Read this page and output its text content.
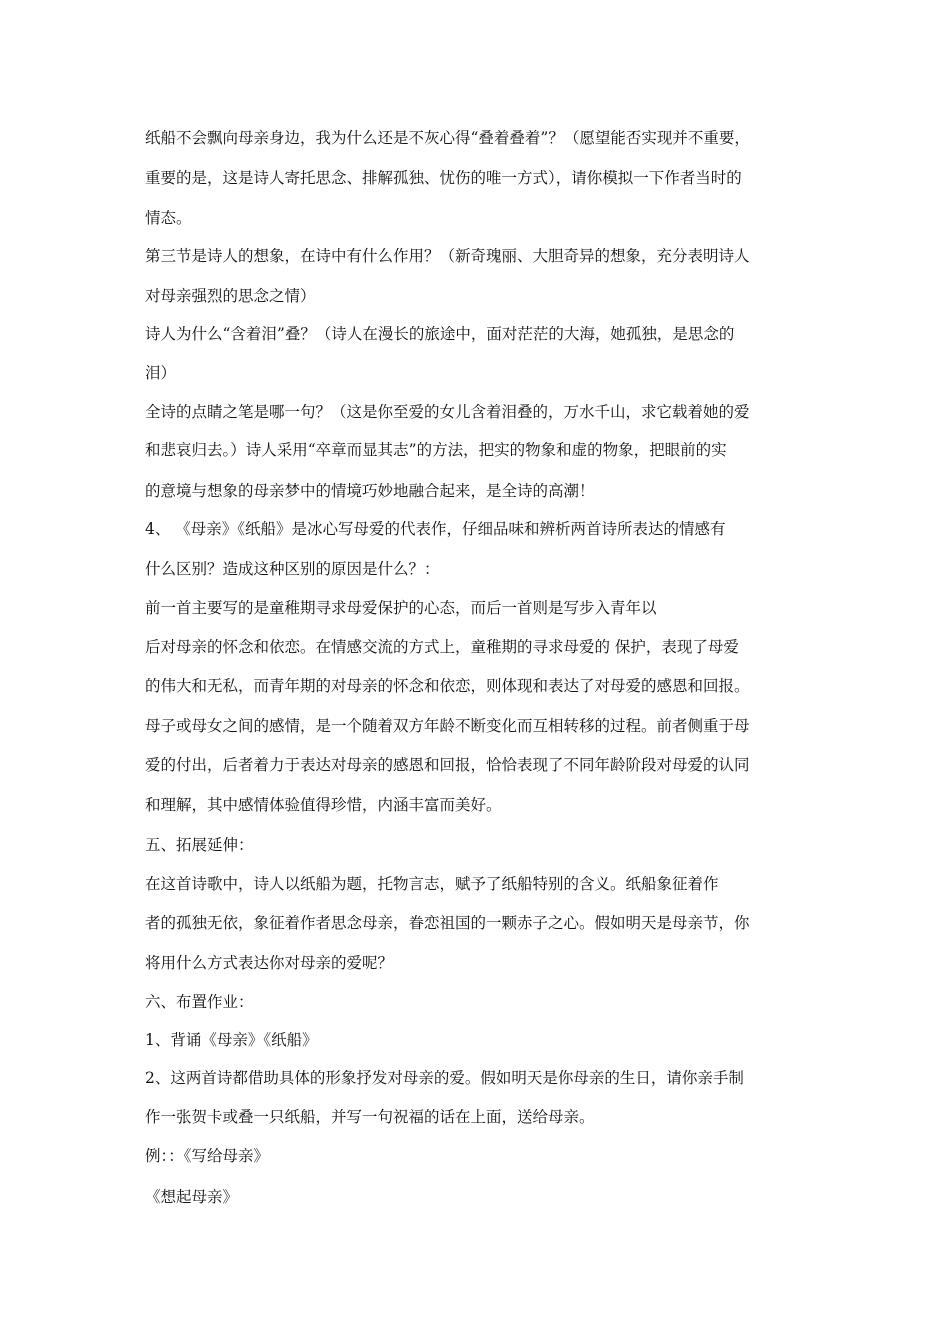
纸船不会飘向母亲身边，我为什么还是不灰心得“叠着叠着”？（愿望能否实现并不重要，
重要的是，这是诗人寄托思念、排解孤独、忧伤的唯一方式），请你模拟一下作者当时的
情态。
第三节是诗人的想象，在诗中有什么作用？（新奇瑰丽、大胆奇异的想象，充分表明诗人
对母亲强烈的思念之情）
诗人为什么“含着泪”叠？（诗人在漫长的旅途中，面对茫茫的大海，她孤独，是思念的
泪）
全诗的点睛之笔是哪一句？（这是你至爱的女儿含着泪叠的，万水千山，求它载着她的爱
和悲哀归去。）诗人采用“卒章而显其志”的方法，把实的物象和虚的物象，把眼前的实
的意境与想象的母亲梦中的情境巧妙地融合起来，是全诗的高潮！
4、 《母亲》《纸船》是冰心写母爱的代表作，仔细品味和辨析两首诗所表达的情感有
什么区别？造成这种区别的原因是什么？：
前一首主要写的是童稚期寻求母爱保护的心态，而后一首则是写步入青年以
后对母亲的怀念和依恋。在情感交流的方式上，童稚期的寻求母爱的 保护，表现了母爱
的伟大和无私，而青年期的对母亲的怀念和依恋，则体现和表达了对母爱的感恩和回报。
母子或母女之间的感情，是一个随着双方年龄不断变化而互相转移的过程。前者侧重于母
爱的付出，后者着力于表达对母亲的感恩和回报，恰恰表现了不同年龄阶段对母爱的认同
和理解，其中感情体验值得珍惜，内涵丰富而美好。
五、拓展延伸：
在这首诗歌中，诗人以纸船为题，托物言志，赋予了纸船特别的含义。纸船象征着作
者的孤独无依，象征着作者思念母亲，眷恋祖国的一颗赤子之心。假如明天是母亲节，你
将用什么方式表达你对母亲的爱呢？
六、布置作业：
1、背诵《母亲》《纸船》
2、这两首诗都借助具体的形象抒发对母亲的爱。假如明天是你母亲的生日，请你亲手制
作一张贺卡或叠一只纸船，并写一句祝福的话在上面，送给母亲。
例：：《写给母亲》
《想起母亲》
